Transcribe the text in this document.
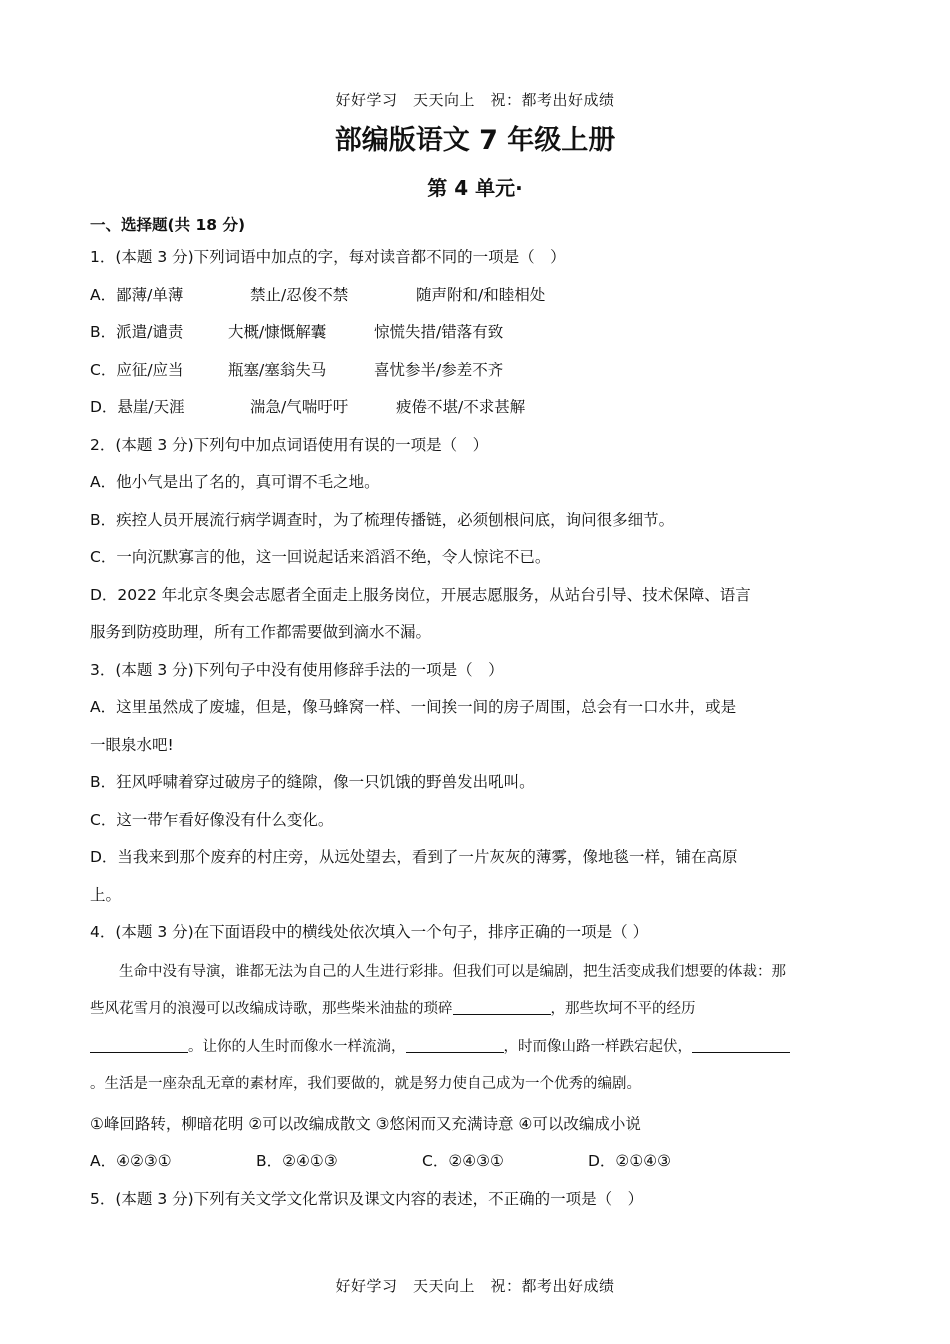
好好学习　天天向上　祝：都考出好成绩
部编版语文 7 年级上册
第 4 单元·
一、选择题(共 18 分)
1．(本题 3 分)下列词语中加点的字，每对读音都不同的一项是（　）
A．鄙薄/单薄	禁止/忍俊不禁	随声附和/和睦相处
B．派遣/谴责	大概/慷慨解囊	惊慌失措/错落有致
C．应征/应当	瓶塞/塞翁失马	喜忧参半/参差不齐
D．悬崖/天涯	湍急/气喘吁吁	疲倦不堪/不求甚解
2．(本题 3 分)下列句中加点词语使用有误的一项是（　）
A．他小气是出了名的，真可谓不毛之地。
B．疾控人员开展流行病学调查时，为了梳理传播链，必须刨根问底，询问很多细节。
C．一向沉默寡言的他，这一回说起话来滔滔不绝，令人惊诧不已。
D．2022 年北京冬奥会志愿者全面走上服务岗位，开展志愿服务，从站台引导、技术保障、语言
服务到防疫助理，所有工作都需要做到滴水不漏。
3．(本题 3 分)下列句子中没有使用修辞手法的一项是（　）
A．这里虽然成了废墟，但是，像马蜂窝一样、一间挨一间的房子周围，总会有一口水井，或是
一眼泉水吧!
B．狂风呼啸着穿过破房子的缝隙，像一只饥饿的野兽发出吼叫。
C．这一带乍看好像没有什么变化。
D．当我来到那个废弃的村庄旁，从远处望去，看到了一片灰灰的薄雾，像地毯一样，铺在高原
上。
4．(本题 3 分)在下面语段中的横线处依次填入一个句子，排序正确的一项是（ ）
生命中没有导演，谁都无法为自己的人生进行彩排。但我们可以是编剧，把生活变成我们想要的体裁：那些风花雪月的浪漫可以改编成诗歌，那些柴米油盐的琐碎	，那些坎坷不平的经历。让你的人生时而像水一样流淌，	，时而像山路一样跌宕起伏，。生活是一座杂乱无章的素材库，我们要做的，就是努力使自己成为一个优秀的编剧。
①峰回路转，柳暗花明 ②可以改编成散文 ③悠闲而又充满诗意 ④可以改编成小说
A．④②③①	B．②④①③	C．②④③①	D．②①④③
5．(本题 3 分)下列有关文学文化常识及课文内容的表述，不正确的一项是（　）
好好学习　天天向上　祝：都考出好成绩
